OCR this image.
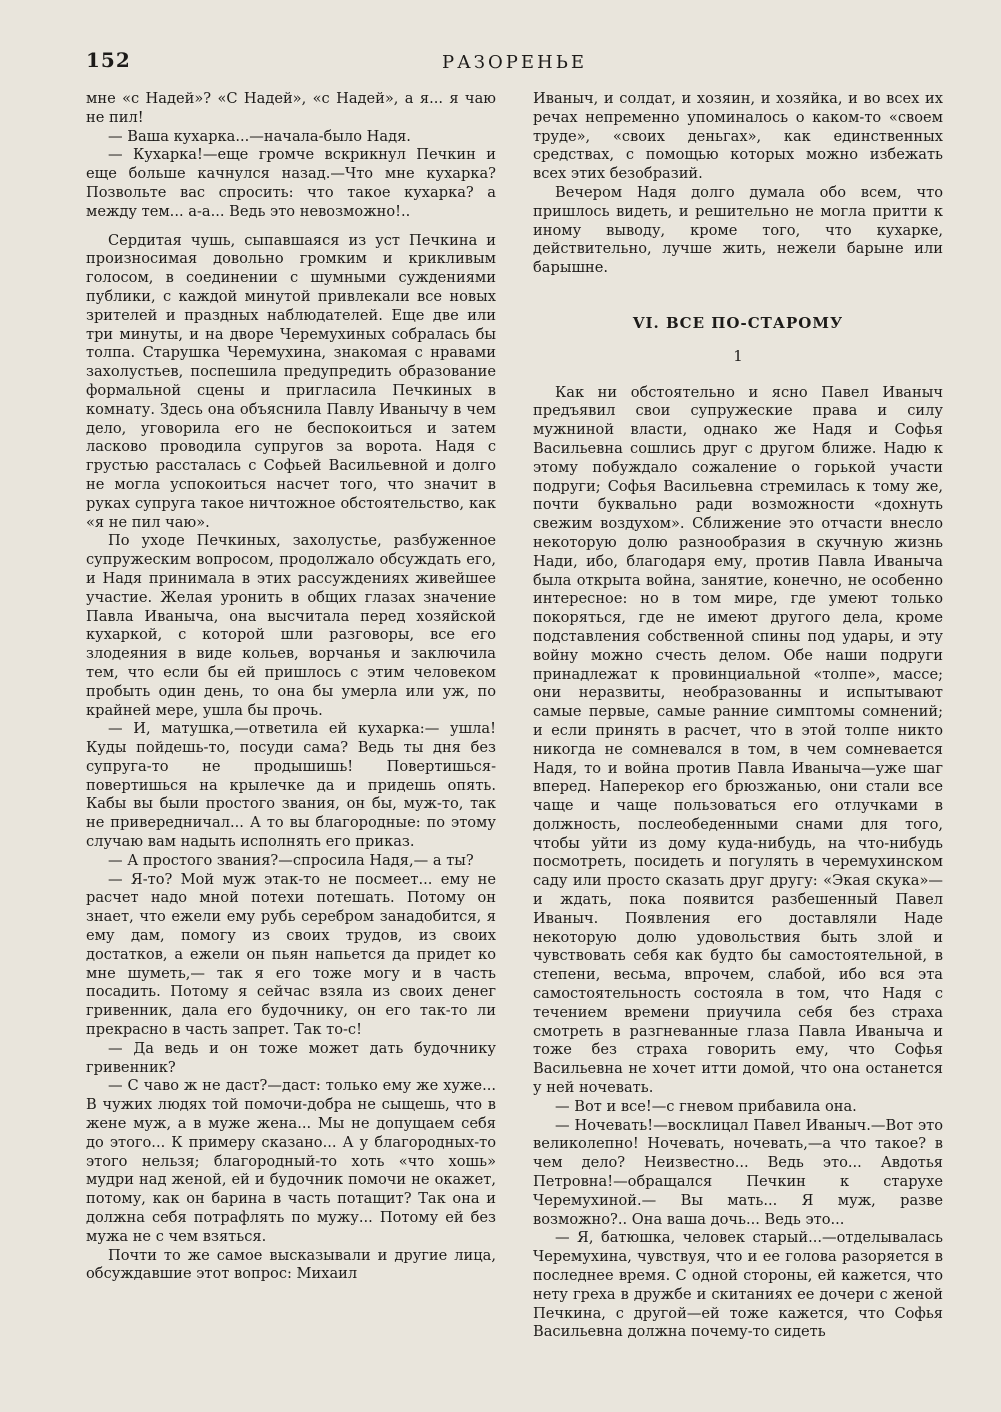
152	РАЗОРЕНЬЕ

мне «с Надей»? «С Надей», «с Надей», а я... я чаю не пил!

— Ваша кухарка...—начала-было Надя.

— Кухарка!—еще громче вскрикнул Печкин и еще больше качнулся назад.—Что мне кухарка? Позвольте вас спросить: что такое кухарка? а между тем... а-а... Ведь это невозможно!..

Сердитая чушь, сыпавшаяся из уст Печкина и произносимая довольно громким и крикливым голосом, в соединении с шумными суждениями публики, с каждой минутой привлекали все новых зрителей и праздных наблюдателей. Еще две или три минуты, и на дворе Черемухиных собралась бы толпа. Старушка Черемухина, знакомая с нравами захолустьев, поспешила предупредить образование формальной сцены и пригласила Печкиных в комнату. Здесь она объяснила Павлу Иванычу в чем дело, уговорила его не беспокоиться и затем ласково проводила супругов за ворота. Надя с грустью рассталась с Софьей Васильевной и долго не могла успокоиться насчет того, что значит в руках супруга такое ничтожное обстоятельство, как «я не пил чаю».

По уходе Печкиных, захолустье, разбуженное супружеским вопросом, продолжало обсуждать его, и Надя принимала в этих рассуждениях живейшее участие. Желая уронить в общих глазах значение Павла Иваныча, она высчитала перед хозяйской кухаркой, с которой шли разговоры, все его злодеяния в виде кольев, ворчанья и заключила тем, что если бы ей пришлось с этим человеком пробыть один день, то она бы умерла или уж, по крайней мере, ушла бы прочь.

— И, матушка,—ответила ей кухарка:— ушла! Куды пойдешь-то, посуди сама? Ведь ты дня без супруга-то не продышишь! Повертишься-повертишься на крылечке да и придешь опять. Кабы вы были простого звания, он бы, муж-то, так не привередничал... А то вы благородные: по этому случаю вам надыть исполнять его приказ.

— А простого звания?—спросила Надя,— а ты?

— Я-то? Мой муж этак-то не посмеет... ему не расчет надо мной потехи потешать. Потому он знает, что ежели ему рубь серебром занадобится, я ему дам, помогу из своих трудов, из своих достатков, а ежели он пьян напьется да придет ко мне шуметь,— так я его тоже могу и в часть посадить. Потому я сейчас взяла из своих денег гривенник, дала его будочнику, он его так-то ли прекрасно в часть запрет. Так то-с!

— Да ведь и он тоже может дать будочнику гривенник?

— С чаво ж не даст?—даст: только ему же хуже... В чужих людях той помочи-добра не сыщешь, что в жене муж, а в муже жена... Мы не допущаем себя до этого... К примеру сказано... А у благородных-то этого нельзя; благородный-то хоть «что хошь» мудри над женой, ей и будочник помочи не окажет, потому, как он барина в часть потащит? Так она и должна себя потрафлять по мужу... Потому ей без мужа не с чем взяться.

Почти то же самое высказывали и другие лица, обсуждавшие этот вопрос: Михаил

Иваныч, и солдат, и хозяин, и хозяйка, и во всех их речах непременно упоминалось о каком-то «своем труде», «своих деньгах», как единственных средствах, с помощью которых можно избежать всех этих безобразий.

Вечером Надя долго думала обо всем, что пришлось видеть, и решительно не могла притти к иному выводу, кроме того, что кухарке, действительно, лучше жить, нежели барыне или барышне.

VI. ВСЕ ПО-СТАРОМУ
1

Как ни обстоятельно и ясно Павел Иваныч предъявил свои супружеские права и силу мужниной власти, однако же Надя и Софья Васильевна сошлись друг с другом ближе. Надю к этому побуждало сожаление о горькой участи подруги; Софья Васильевна стремилась к тому же, почти буквально ради возможности «дохнуть свежим воздухом». Сближение это отчасти внесло некоторую долю разнообразия в скучную жизнь Нади, ибо, благодаря ему, против Павла Иваныча была открыта война, занятие, конечно, не особенно интересное: но в том мире, где умеют только покоряться, где не имеют другого дела, кроме подставления собственной спины под удары, и эту войну можно счесть делом. Обе наши подруги принадлежат к провинциальной «толпе», массе; они неразвиты, необразованны и испытывают самые первые, самые ранние симптомы сомнений; и если принять в расчет, что в этой толпе никто никогда не сомневался в том, в чем сомневается Надя, то и война против Павла Иваныча—уже шаг вперед. Наперекор его брюзжанью, они стали все чаще и чаще пользоваться его отлучками в должность, послеобеденными снами для того, чтобы уйти из дому куда-нибудь, на что-нибудь посмотреть, посидеть и погулять в черемухинском саду или просто сказать друг другу: «Экая скука»—и ждать, пока появится разбешенный Павел Иваныч. Появления его доставляли Наде некоторую долю удовольствия быть злой и чувствовать себя как будто бы самостоятельной, в степени, весьма, впрочем, слабой, ибо вся эта самостоятельность состояла в том, что Надя с течением времени приучила себя без страха смотреть в разгневанные глаза Павла Иваныча и тоже без страха говорить ему, что Софья Васильевна не хочет итти домой, что она останется у ней ночевать.

— Вот и все!—с гневом прибавила она.

— Ночевать!—восклицал Павел Иваныч.—Вот это великолепно! Ночевать, ночевать,—а что такое? в чем дело? Неизвестно... Ведь это... Авдотья Петровна!—обращался Печкин к старухе Черемухиной.— Вы мать... Я муж, разве возможно?.. Она ваша дочь... Ведь это...

— Я, батюшка, человек старый...—отделывалась Черемухина, чувствуя, что и ее голова разоряется в последнее время. С одной стороны, ей кажется, что нету греха в дружбе и скитаниях ее дочери с женой Печкина, с другой—ей тоже кажется, что Софья Васильевна должна почему-то сидеть
